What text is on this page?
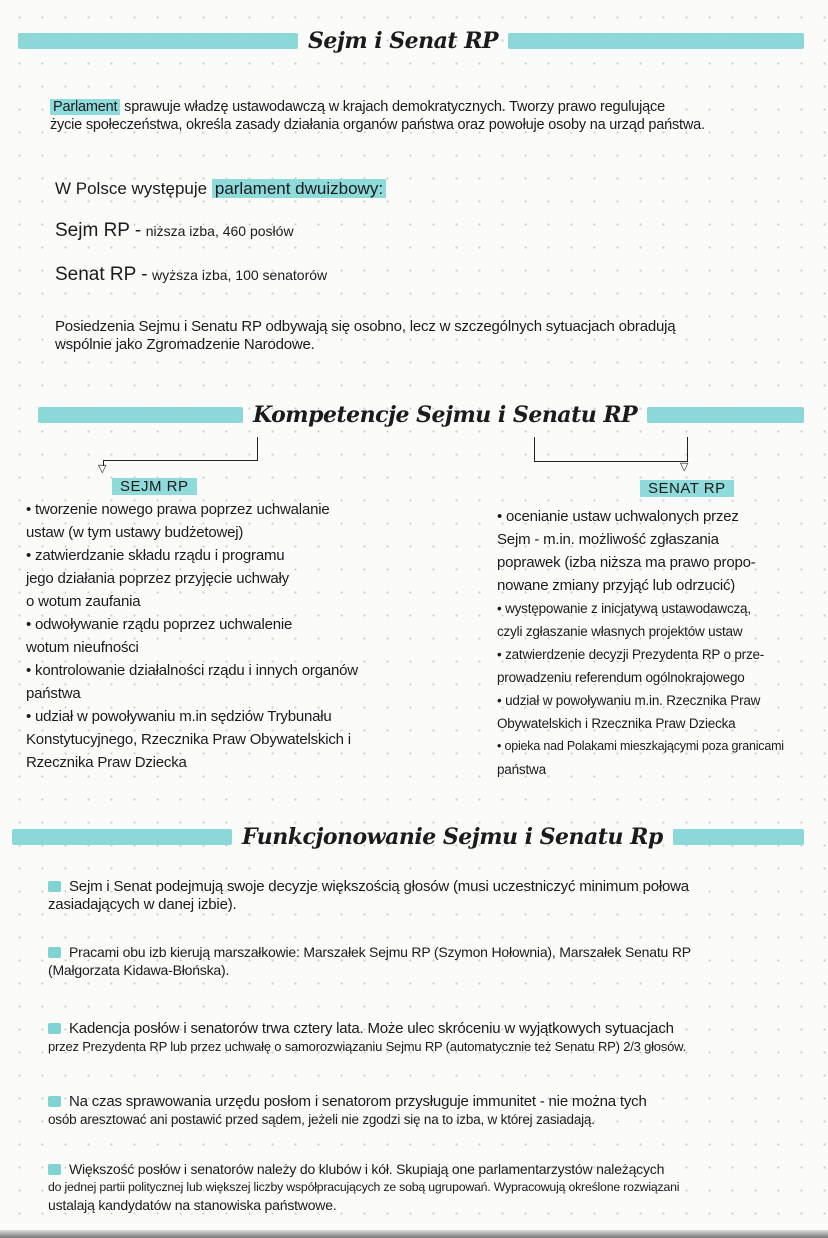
Sejm i Senat RP
Parlament sprawuje władzę ustawodawczą w krajach demokratycznych. Tworzy prawo regulujące
życie społeczeństwa, określa zasady działania organów państwa oraz powołuje osoby na urząd państwa.
W Polsce występuje parlament dwuizbowy:
Sejm RP - niższa izba, 460 posłów
Senat RP - wyższa izba, 100 senatorów
Posiedzenia Sejmu i Senatu RP odbywają się osobno, lecz w szczególnych sytuacjach obradują
wspólnie jako Zgromadzenie Narodowe.
Kompetencje Sejmu i Senatu RP
▽	▽
SEJM RP
• tworzenie nowego prawa poprzez uchwalanie
ustaw (w tym ustawy budżetowej)
• zatwierdzanie składu rządu i programu
jego działania poprzez przyjęcie uchwały
o wotum zaufania
• odwoływanie rządu poprzez uchwalenie
wotum nieufności
• kontrolowanie działalności rządu i innych organów
państwa
• udział w powoływaniu m.in sędziów Trybunału
Konstytucyjnego, Rzecznika Praw Obywatelskich i
Rzecznika Praw Dziecka
SENAT RP
• ocenianie ustaw uchwalonych przez
Sejm - m.in. możliwość zgłaszania
poprawek (izba niższa ma prawo propo-
nowane zmiany przyjąć lub odrzucić)
• występowanie z inicjatywą ustawodawczą,
czyli zgłaszanie własnych projektów ustaw
• zatwierdzenie decyzji Prezydenta RP o prze-
prowadzeniu referendum ogólnokrajowego
• udział w powoływaniu m.in. Rzecznika Praw
Obywatelskich i Rzecznika Praw Dziecka
• opieka nad Polakami mieszkającymi poza granicami
państwa
Funkcjonowanie Sejmu i Senatu Rp
Sejm i Senat podejmują swoje decyzje większością głosów (musi uczestniczyć minimum połowa
zasiadających w danej izbie).
Pracami obu izb kierują marszałkowie: Marszałek Sejmu RP (Szymon Hołownia), Marszałek Senatu RP
(Małgorzata Kidawa-Błońska).
Kadencja posłów i senatorów trwa cztery lata. Może ulec skróceniu w wyjątkowych sytuacjach
przez Prezydenta RP lub przez uchwałę o samorozwiązaniu Sejmu RP (automatycznie też Senatu RP) 2/3 głosów.
Na czas sprawowania urzędu posłom i senatorom przysługuje immunitet - nie można tych
osób aresztować ani postawić przed sądem, jeżeli nie zgodzi się na to izba, w której zasiadają.
Większość posłów i senatorów należy do klubów i kół. Skupiają one parlamentarzystów należących
do jednej partii politycznej lub większej liczby współpracujących ze sobą ugrupowań. Wypracowują określone rozwiązani
ustalają kandydatów na stanowiska państwowe.
